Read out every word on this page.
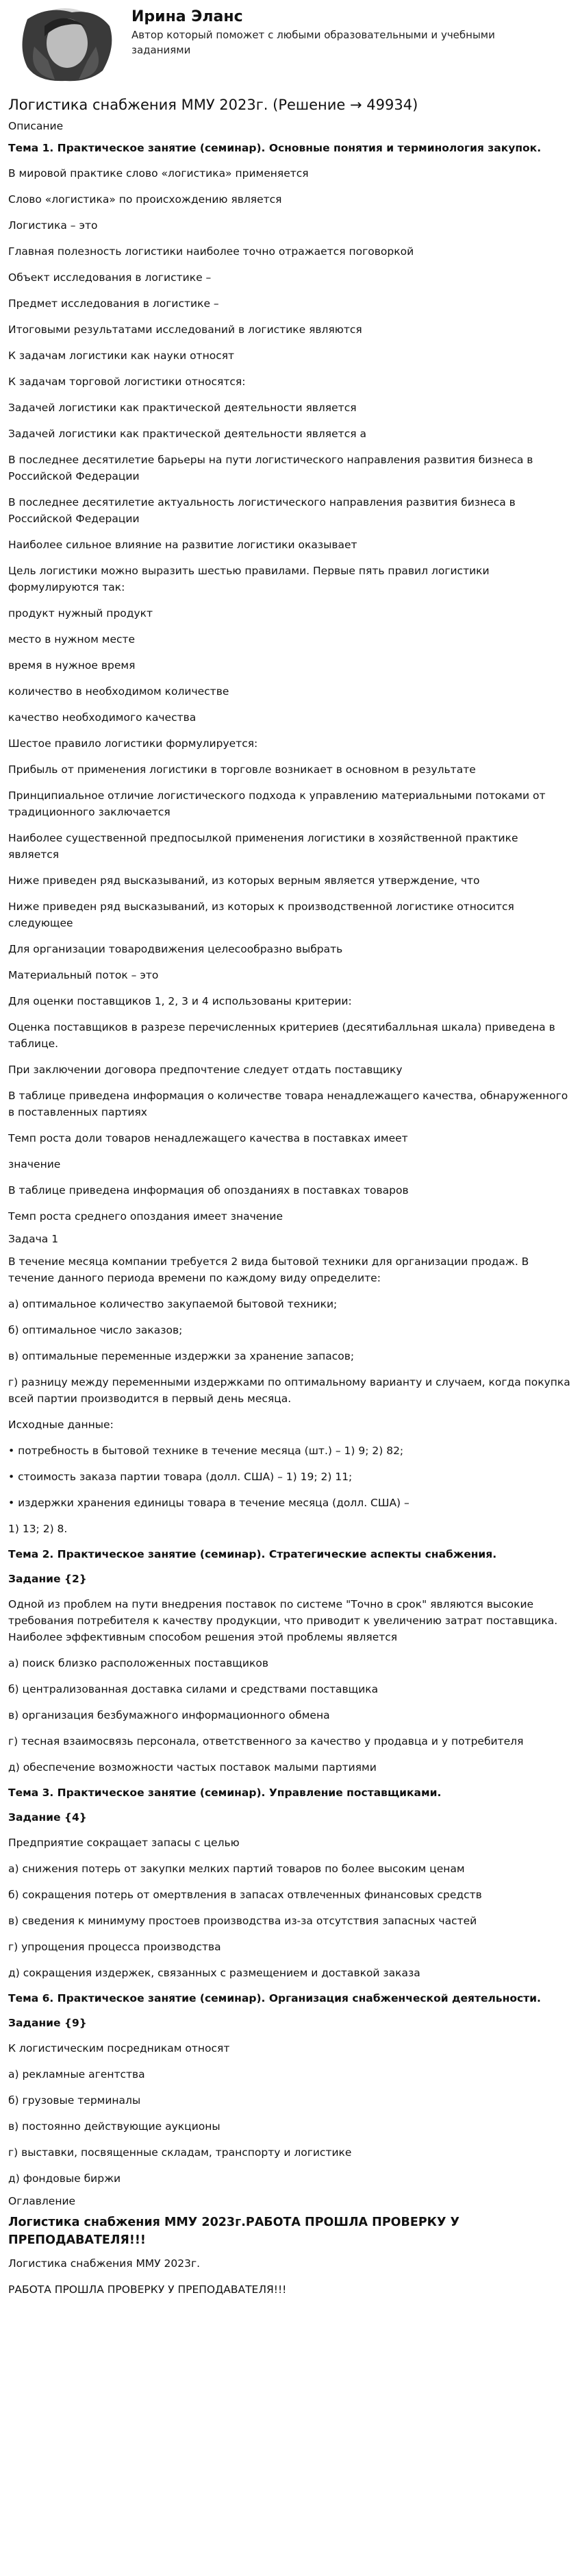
Ирина Эланс
Автор который поможет с любыми образовательными и учебными заданиями
Логистика снабжения ММУ 2023г. (Решение → 49934)
Описание
Тема 1. Практическое занятие (семинар). Основные понятия и терминология закупок.
В мировой практике слово «логистика» применяется
Слово «логистика» по происхождению является
Логистика – это
Главная полезность логистики наиболее точно отражается поговоркой
Объект исследования в логистике –
Предмет исследования в логистике –
Итоговыми результатами исследований в логистике являются
К задачам логистики как науки относят
К задачам торговой логистики относятся:
Задачей логистики как практической деятельности является
Задачей логистики как практической деятельности является а
В последнее десятилетие барьеры на пути логистического направления развития бизнеса в Российской Федерации
В последнее десятилетие актуальность логистического направления развития бизнеса в Российской Федерации
Наиболее сильное влияние на развитие логистики оказывает
Цель логистики можно выразить шестью правилами. Первые пять правил логистики формулируются так:
продукт нужный продукт
место в нужном месте
время в нужное время
количество в необходимом количестве
качество необходимого качества
Шестое правило логистики формулируется:
Прибыль от применения логистики в торговле возникает в основном в результате
Принципиальное отличие логистического подхода к управлению материальными потоками от традиционного заключается
Наиболее существенной предпосылкой применения логистики в хозяйственной практике является
Ниже приведен ряд высказываний, из которых верным является утверждение, что
Ниже приведен ряд высказываний, из которых к производственной логистике относится следующее
Для организации товародвижения целесообразно выбрать
Материальный поток – это
Для оценки поставщиков 1, 2, 3 и 4 использованы критерии:
Оценка поставщиков в разрезе перечисленных критериев (десятибалльная шкала) приведена в таблице.
При заключении договора предпочтение следует отдать поставщику
В таблице приведена информация о количестве товара ненадлежащего качества, обнаруженного в поставленных партиях
Темп роста доли товаров ненадлежащего качества в поставках имеет
значение
В таблице приведена информация об опозданиях в поставках товаров
Темп роста среднего опоздания имеет значение
Задача 1
В течение месяца компании требуется 2 вида бытовой техники для организации продаж. В течение данного периода времени по каждому виду определите:
а) оптимальное количество закупаемой бытовой техники;
б) оптимальное число заказов;
в) оптимальные переменные издержки за хранение запасов;
г) разницу между переменными издержками по оптимальному варианту и случаем, когда покупка всей партии производится в первый день месяца.
Исходные данные:
• потребность в бытовой технике в течение месяца (шт.) – 1) 9; 2) 82;
• стоимость заказа партии товара (долл. США) – 1) 19; 2) 11;
• издержки хранения единицы товара в течение месяца (долл. США) –
1) 13; 2) 8.
Тема 2. Практическое занятие (семинар). Стратегические аспекты снабжения.
Задание {2}
Одной из проблем на пути внедрения поставок по системе "Точно в срок" являются высокие требования потребителя к качеству продукции, что приводит к увеличению затрат поставщика. Наиболее эффективным способом решения этой проблемы является
а) поиск близко расположенных поставщиков
б) централизованная доставка силами и средствами поставщика
в) организация безбумажного информационного обмена
г) тесная взаимосвязь персонала, ответственного за качество у продавца и у потребителя
д) обеспечение возможности частых поставок малыми партиями
Тема 3. Практическое занятие (семинар). Управление поставщиками.
Задание {4}
Предприятие сокращает запасы с целью
а) снижения потерь от закупки мелких партий товаров по более высоким ценам
б) сокращения потерь от омертвления в запасах отвлеченных финансовых средств
в) сведения к минимуму простоев производства из-за отсутствия запасных частей
г) упрощения процесса производства
д) сокращения издержек, связанных с размещением и доставкой заказа
Тема 6. Практическое занятие (семинар). Организация снабженческой деятельности.
Задание {9}
К логистическим посредникам относят
а) рекламные агентства
б) грузовые терминалы
в) постоянно действующие аукционы
г) выставки, посвященные складам, транспорту и логистике
д) фондовые биржи
Оглавление
Логистика снабжения ММУ 2023г.РАБОТА ПРОШЛА ПРОВЕРКУ У ПРЕПОДАВАТЕЛЯ!!!
Логистика снабжения ММУ 2023г.
РАБОТА ПРОШЛА ПРОВЕРКУ У ПРЕПОДАВАТЕЛЯ!!!
